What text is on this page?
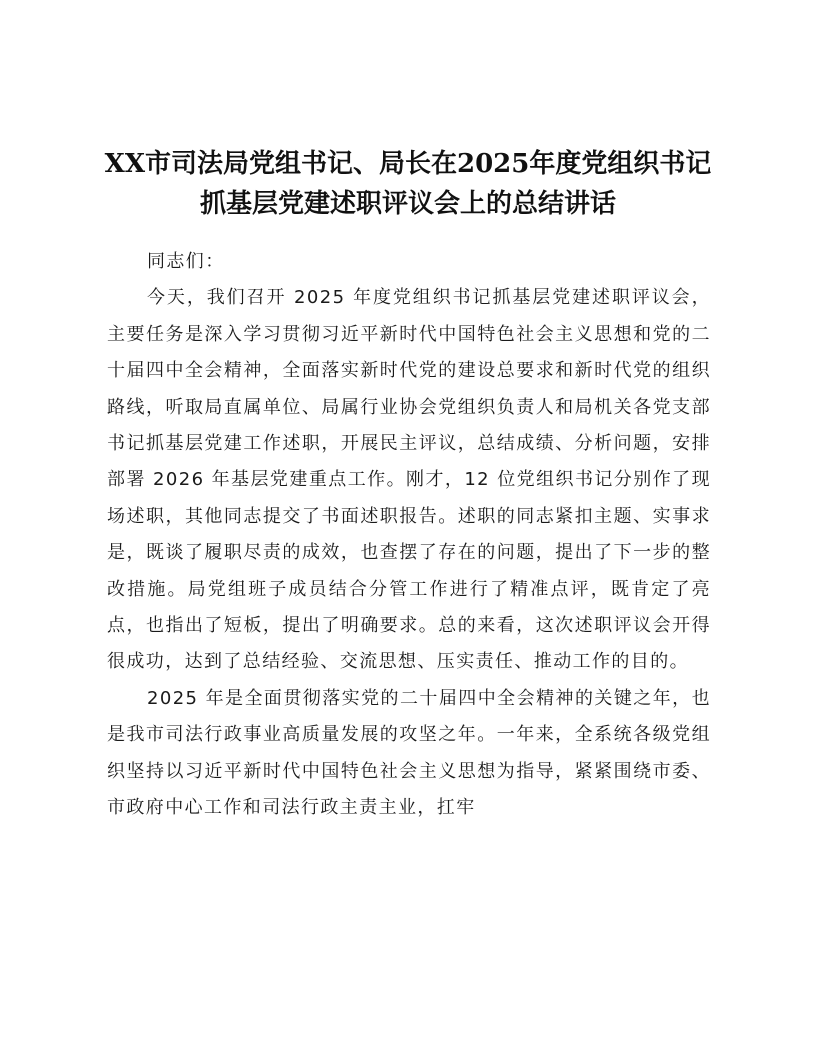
XX市司法局党组书记、局长在2025年度党组织书记抓基层党建述职评议会上的总结讲话

同志们：

今天，我们召开 2025 年度党组织书记抓基层党建述职评议会，主要任务是深入学习贯彻习近平新时代中国特色社会主义思想和党的二十届四中全会精神，全面落实新时代党的建设总要求和新时代党的组织路线，听取局直属单位、局属行业协会党组织负责人和局机关各党支部书记抓基层党建工作述职，开展民主评议，总结成绩、分析问题，安排部署 2026 年基层党建重点工作。刚才，12 位党组织书记分别作了现场述职，其他同志提交了书面述职报告。述职的同志紧扣主题、实事求是，既谈了履职尽责的成效，也查摆了存在的问题，提出了下一步的整改措施。局党组班子成员结合分管工作进行了精准点评，既肯定了亮点，也指出了短板，提出了明确要求。总的来看，这次述职评议会开得很成功，达到了总结经验、交流思想、压实责任、推动工作的目的。

2025 年是全面贯彻落实党的二十届四中全会精神的关键之年，也是我市司法行政事业高质量发展的攻坚之年。一年来，全系统各级党组织坚持以习近平新时代中国特色社会主义思想为指导，紧紧围绕市委、市政府中心工作和司法行政主责主业，扛牢
